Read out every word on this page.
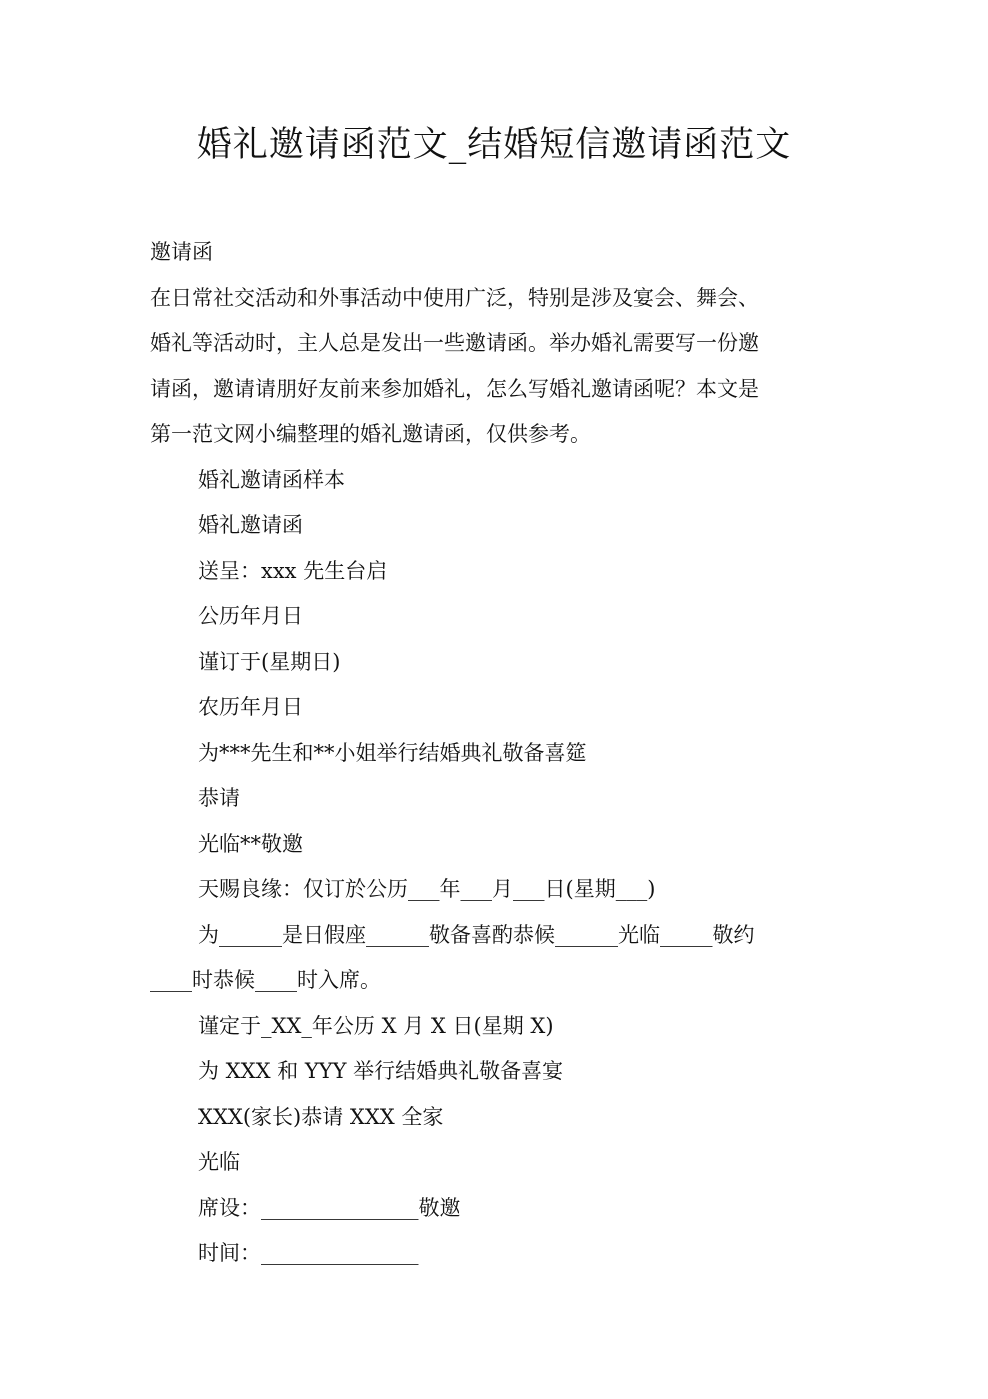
婚礼邀请函范文_结婚短信邀请函范文
邀请函
在日常社交活动和外事活动中使用广泛，特别是涉及宴会、舞会、
婚礼等活动时，主人总是发出一些邀请函。举办婚礼需要写一份邀
请函，邀请请朋好友前来参加婚礼，怎么写婚礼邀请函呢？本文是
第一范文网小编整理的婚礼邀请函，仅供参考。
婚礼邀请函样本
婚礼邀请函
送呈：xxx 先生台启
公历年月日
谨订于(星期日)
农历年月日
为***先生和**小姐举行结婚典礼敬备喜筵
恭请
光临**敬邀
天赐良缘：仅订於公历___年___月___日(星期___)
为______是日假座______敬备喜酌恭候______光临_____敬约
____时恭候____时入席。
谨定于_XX_年公历 X 月 X 日(星期 X)
为 XXX 和 YYY 举行结婚典礼敬备喜宴
XXX(家长)恭请 XXX 全家
光临
席设：_______________敬邀
时间：_______________
